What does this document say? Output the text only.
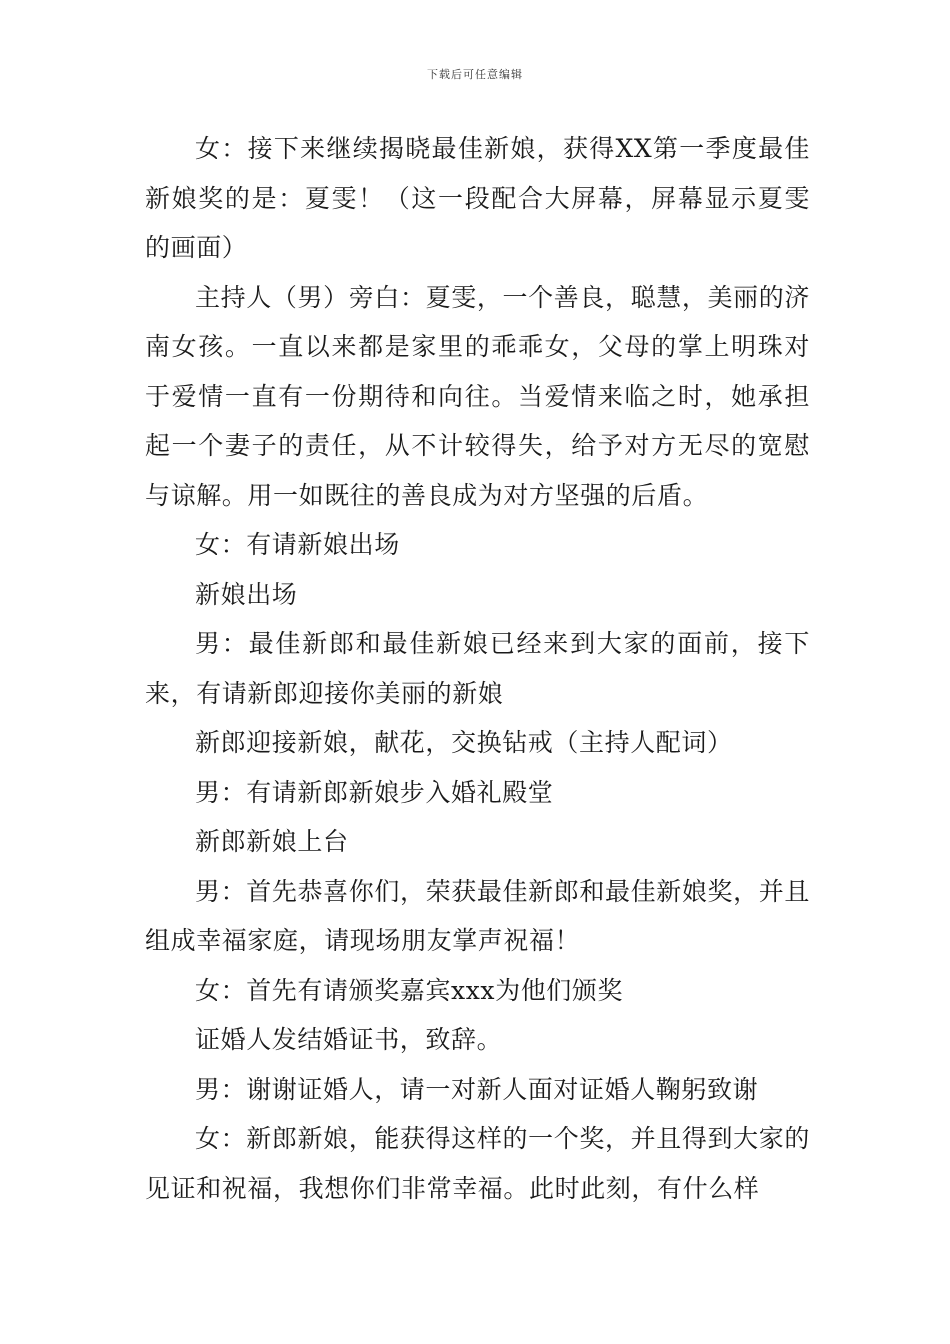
下载后可任意编辑

女：接下来继续揭晓最佳新娘，获得XX第一季度最佳新娘奖的是：夏雯！（这一段配合大屏幕，屏幕显示夏雯的画面）

主持人（男）旁白：夏雯，一个善良，聪慧，美丽的济南女孩。一直以来都是家里的乖乖女，父母的掌上明珠对于爱情一直有一份期待和向往。当爱情来临之时，她承担起一个妻子的责任，从不计较得失，给予对方无尽的宽慰与谅解。用一如既往的善良成为对方坚强的后盾。

女：有请新娘出场

新娘出场

男：最佳新郎和最佳新娘已经来到大家的面前，接下来，有请新郎迎接你美丽的新娘

新郎迎接新娘，献花，交换钻戒（主持人配词）

男：有请新郎新娘步入婚礼殿堂

新郎新娘上台

男：首先恭喜你们，荣获最佳新郎和最佳新娘奖，并且组成幸福家庭，请现场朋友掌声祝福！

女：首先有请颁奖嘉宾xxx为他们颁奖

证婚人发结婚证书，致辞。

男：谢谢证婚人，请一对新人面对证婚人鞠躬致谢

女：新郎新娘，能获得这样的一个奖，并且得到大家的见证和祝福，我想你们非常幸福。此时此刻，有什么样
